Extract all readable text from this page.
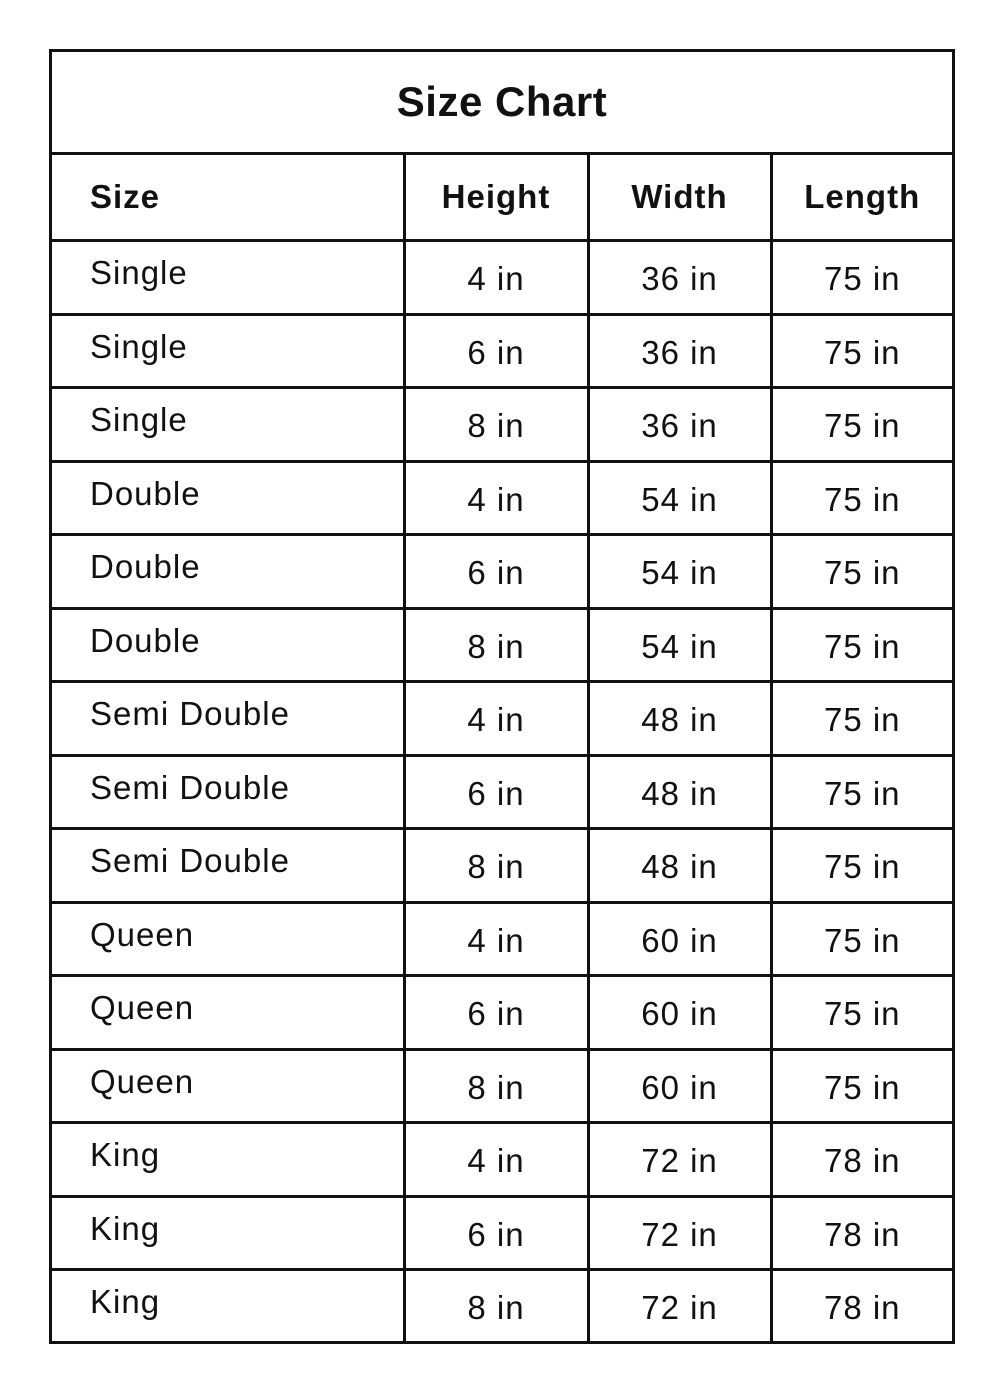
Size Chart
Size	Height	Width	Length
Single	4 in	36 in	75 in
Single	6 in	36 in	75 in
Single	8 in	36 in	75 in
Double	4 in	54 in	75 in
Double	6 in	54 in	75 in
Double	8 in	54 in	75 in
Semi Double	4 in	48 in	75 in
Semi Double	6 in	48 in	75 in
Semi Double	8 in	48 in	75 in
Queen	4 in	60 in	75 in
Queen	6 in	60 in	75 in
Queen	8 in	60 in	75 in
King	4 in	72 in	78 in
King	6 in	72 in	78 in
King	8 in	72 in	78 in
